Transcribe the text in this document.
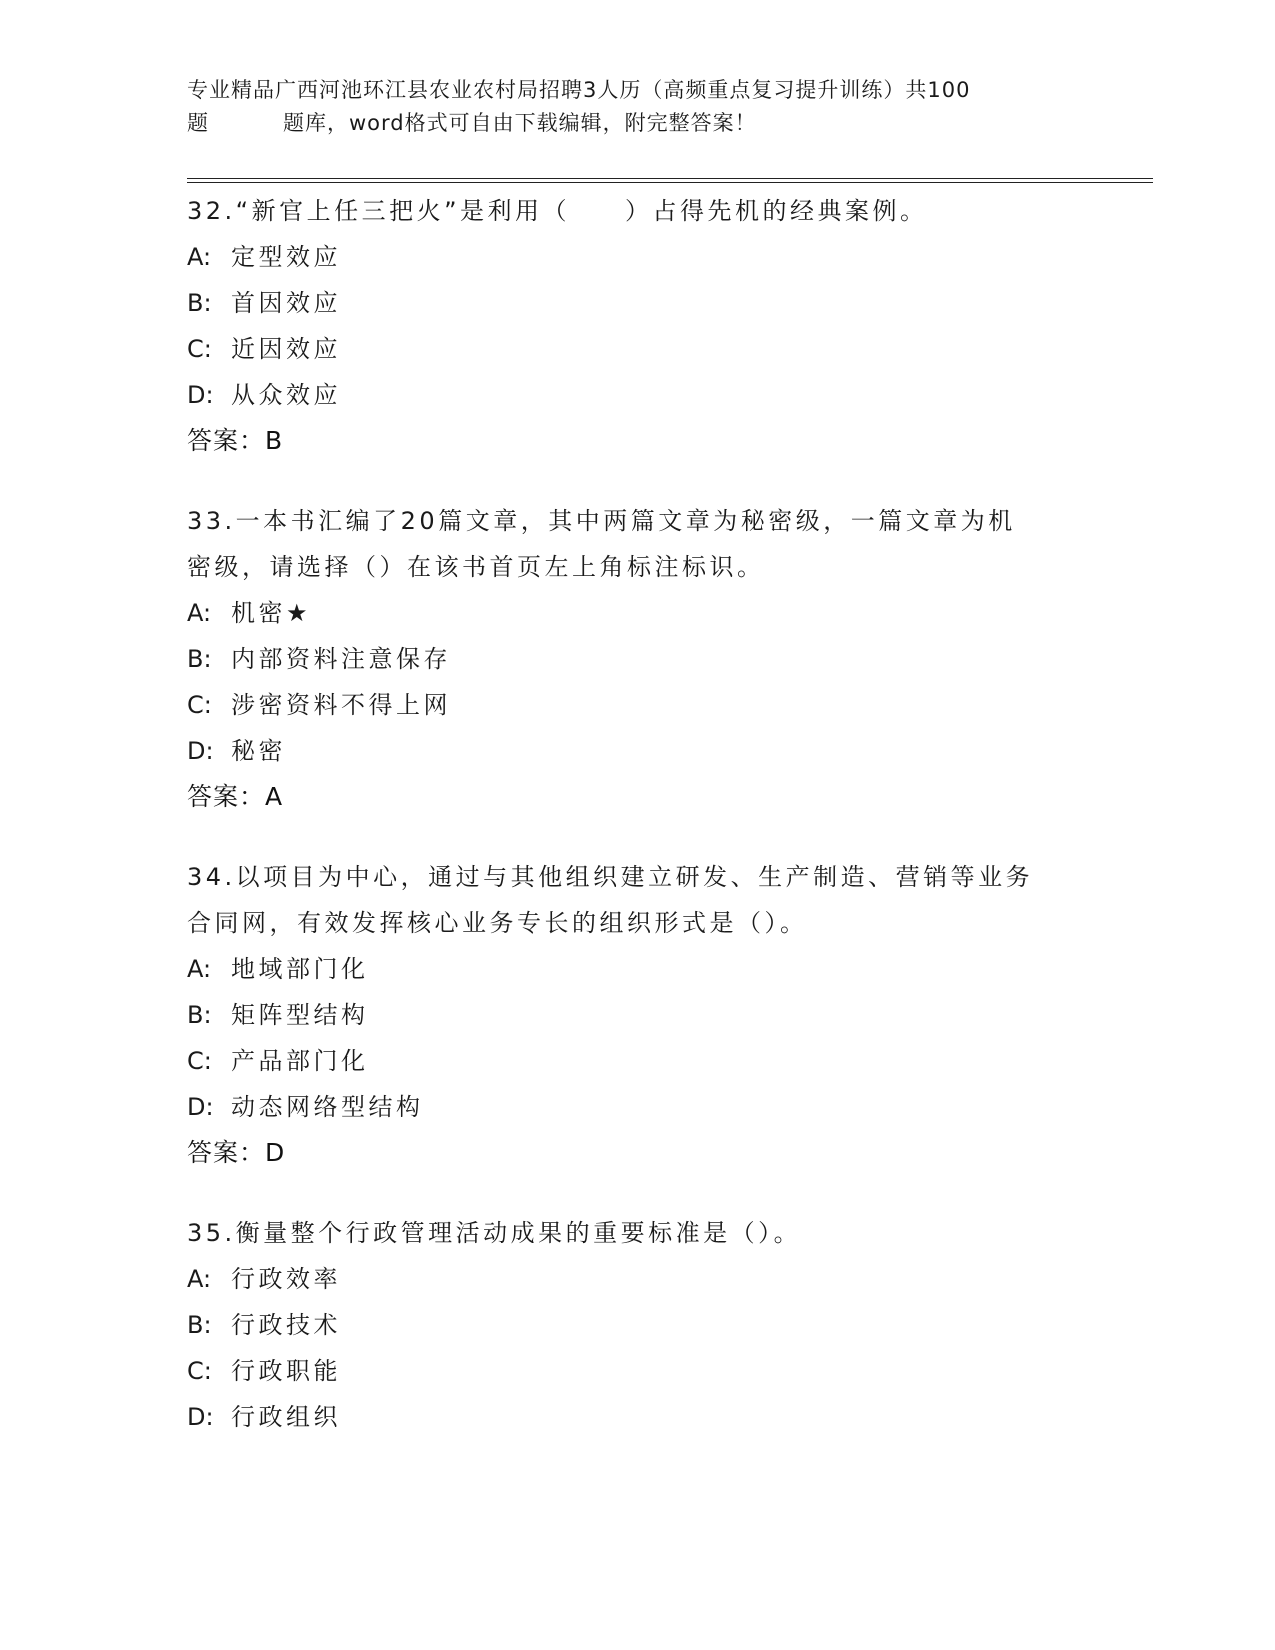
专业精品广西河池环江县农业农村局招聘3人历（高频重点复习提升训练）共100
题	题库，word格式可自由下载编辑，附完整答案！

32.“新官上任三把火”是利用（　　）占得先机的经典案例。

A: 定型效应

B: 首因效应

C: 近因效应

D: 从众效应

答案：B

33.一本书汇编了20篇文章，其中两篇文章为秘密级，一篇文章为机

密级，请选择（）在该书首页左上角标注标识。

A: 机密★

B: 内部资料注意保存

C: 涉密资料不得上网

D: 秘密

答案：A

34.以项目为中心，通过与其他组织建立研发、生产制造、营销等业务

合同网，有效发挥核心业务专长的组织形式是（）。

A: 地域部门化

B: 矩阵型结构

C: 产品部门化

D: 动态网络型结构

答案：D

35.衡量整个行政管理活动成果的重要标准是（）。

A: 行政效率

B: 行政技术

C: 行政职能

D: 行政组织
